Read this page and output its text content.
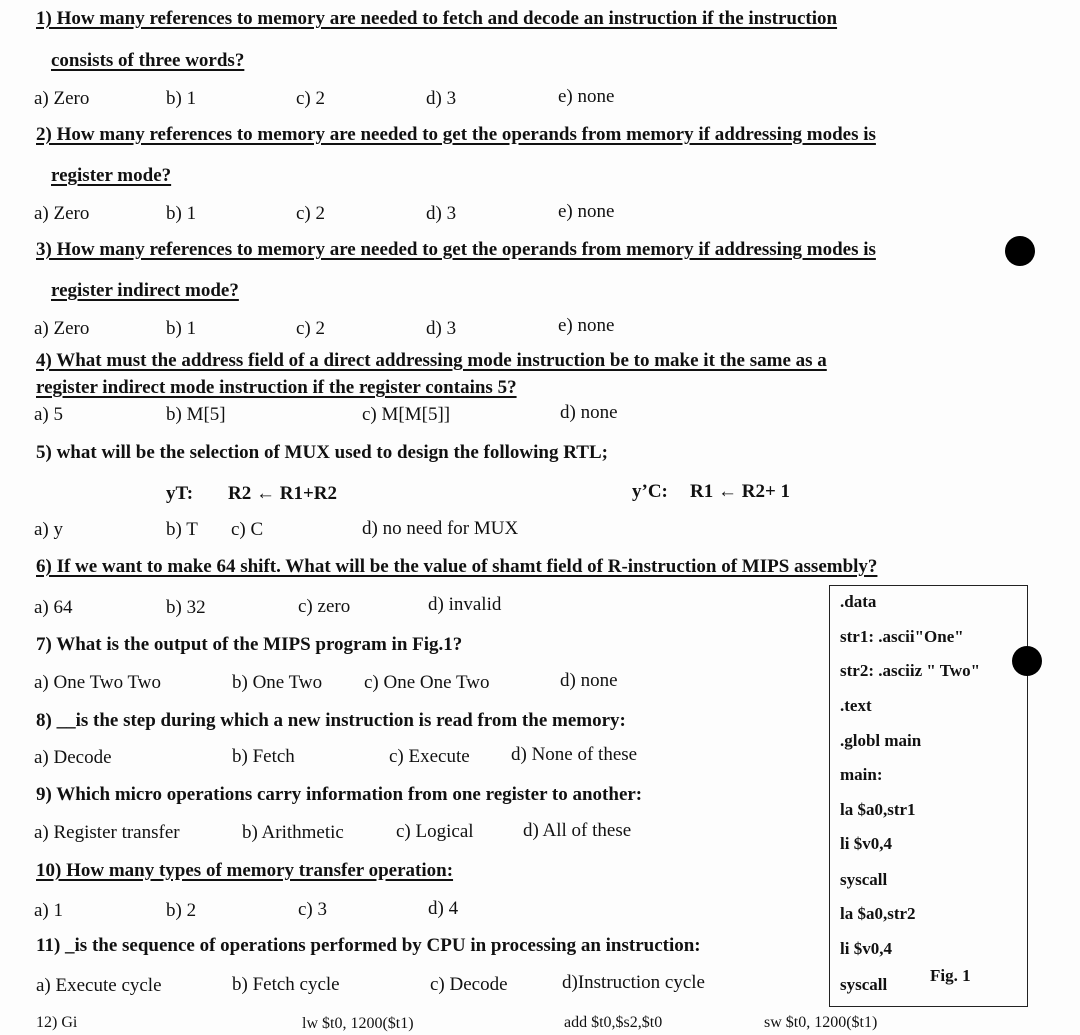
1) How many references to memory are needed to fetch and decode an instruction if the instruction
consists of three words?
a) Zero	b) 1	c) 2	d) 3	e) none
2) How many references to memory are needed to get the operands from memory if addressing modes is
register mode?
a) Zero	b) 1	c) 2	d) 3	e) none
3) How many references to memory are needed to get the operands from memory if addressing modes is
register indirect mode?
a) Zero	b) 1	c) 2	d) 3	e) none
4) What must the address field of a direct addressing mode instruction be to make it the same as a
register indirect mode instruction if the register contains 5?
a) 5	b) M[5]	c) M[M[5]]	d) none
5) what will be the selection of MUX used to design the following RTL;
yT: R2 ← R1+R2	y’C: R1 ← R2+ 1
a) y	b) T c) C	d) no need for MUX
6) If we want to make 64 shift. What will be the value of shamt field of R-instruction of MIPS assembly?
a) 64	b) 32	c) zero	d) invalid
7) What is the output of the MIPS program in Fig.1?
a) One Two Two	b) One Two c) One One Two	d) none
8) __is the step during which a new instruction is read from the memory:
a) Decode	b) Fetch	c) Execute d) None of these
9) Which micro operations carry information from one register to another:
a) Register transfer	b) Arithmetic	c) Logical	d) All of these
10) How many types of memory transfer operation:
a) 1	b) 2	c) 3	d) 4
11) _is the sequence of operations performed by CPU in processing an instruction:
a) Execute cycle	b) Fetch cycle	c) Decode	d)Instruction cycle
12) Gi	lw $t0, 1200($t1)	add $t0,$s2,$t0	sw $t0, 1200($t1)
.data
str1: .ascii"One"
str2: .asciiz " Two"
.text
.globl main
main:
la $a0,str1
li $v0,4
syscall
la $a0,str2
li $v0,4
syscall	Fig. 1
